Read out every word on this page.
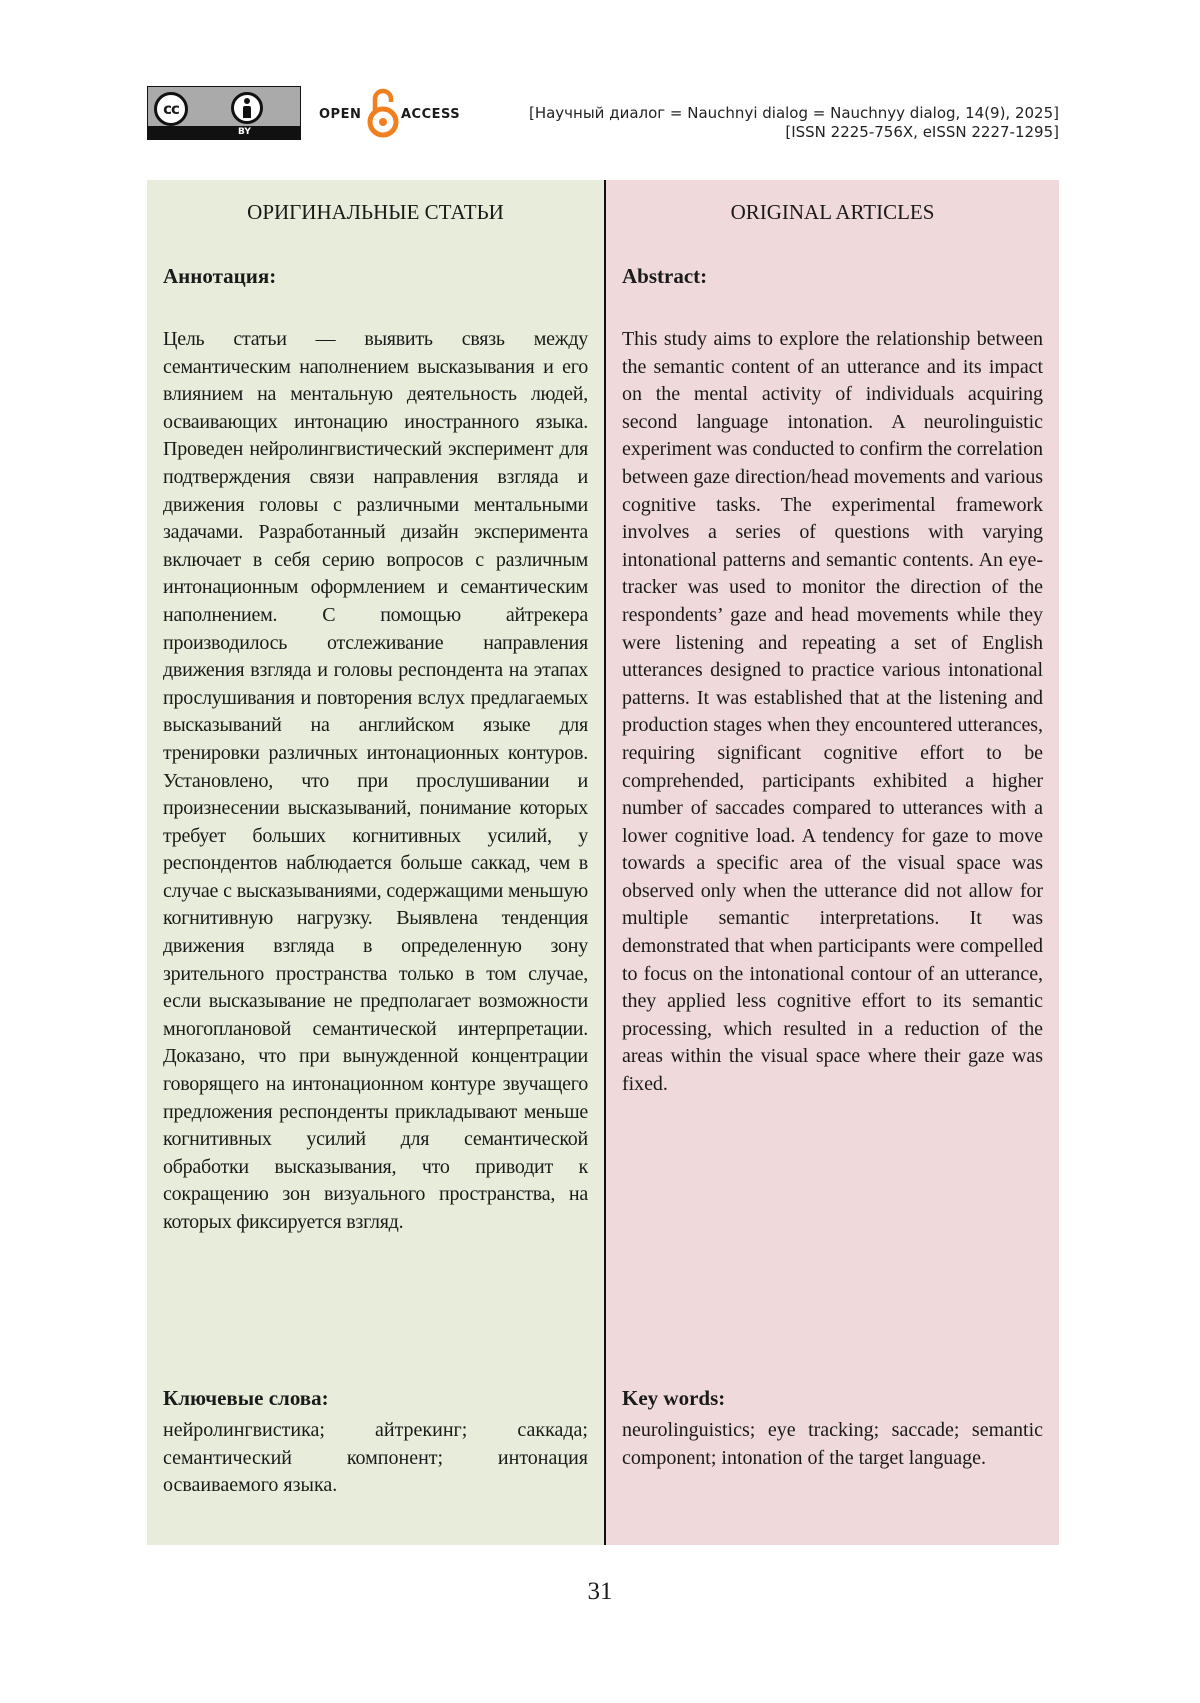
cc
BY
OPEN	ACCESS	[Научный диалог = Nauchnyi dialog = Nauchnyy dialog, 14(9), 2025]
[ISSN 2225-756X, eISSN 2227-1295]
ОРИГИНАЛЬНЫЕ СТАТЬИ
Аннотация:
Цель статьи — выявить связь между семантическим наполнением высказывания и его влиянием на ментальную деятельность людей, осваивающих интонацию иностранного языка. Проведен нейролингвистический эксперимент для подтверждения связи направления взгляда и движения головы с различными ментальными задачами. Разработанный дизайн эксперимента включает в себя серию вопросов с различным интонационным оформлением и семантическим наполнением. С помощью айтрекера производилось отслеживание направления движения взгляда и головы респондента на этапах прослушивания и повторения вслух предлагаемых высказываний на английском языке для тренировки различных интонационных контуров. Установлено, что при прослушивании и произнесении высказываний, понимание которых требует больших когнитивных усилий, у респондентов наблюдается больше саккад, чем в случае с высказываниями, содержащими меньшую когнитивную нагрузку. Выявлена тенденция движения взгляда в определенную зону зрительного пространства только в том случае, если высказывание не предполагает возможности многоплановой семантической интерпретации. Доказано, что при вынужденной концентрации говорящего на интонационном контуре звучащего предложения респонденты прикладывают меньше когнитивных усилий для семантической обработки высказывания, что приводит к сокращению зон визуального пространства, на которых фиксируется взгляд.
Ключевые слова:
нейролингвистика; айтрекинг; саккада; семантический компонент; интонация осваиваемого языка.
ORIGINAL ARTICLES
Abstract:
This study aims to explore the relationship between the semantic content of an utterance and its impact on the mental activity of individuals acquiring second language intonation. A neurolinguistic experiment was conducted to confirm the correlation between gaze direction/head movements and various cognitive tasks. The experimental framework involves a series of questions with varying intonational patterns and semantic contents. An eye-tracker was used to monitor the direction of the respondents’ gaze and head movements while they were listening and repeating a set of English utterances designed to practice various intonational patterns. It was established that at the listening and production stages when they encountered utterances, requiring significant cognitive effort to be comprehended, participants exhibited a higher number of saccades compared to utterances with a lower cognitive load. A tendency for gaze to move towards a specific area of the visual space was observed only when the utterance did not allow for multiple semantic interpretations. It was demonstrated that when participants were compelled to focus on the intonational contour of an utterance, they applied less cognitive effort to its semantic processing, which resulted in a reduction of the areas within the visual space where their gaze was fixed.
Key words:
neurolinguistics; eye tracking; saccade; semantic component; intonation of the target language.
31
